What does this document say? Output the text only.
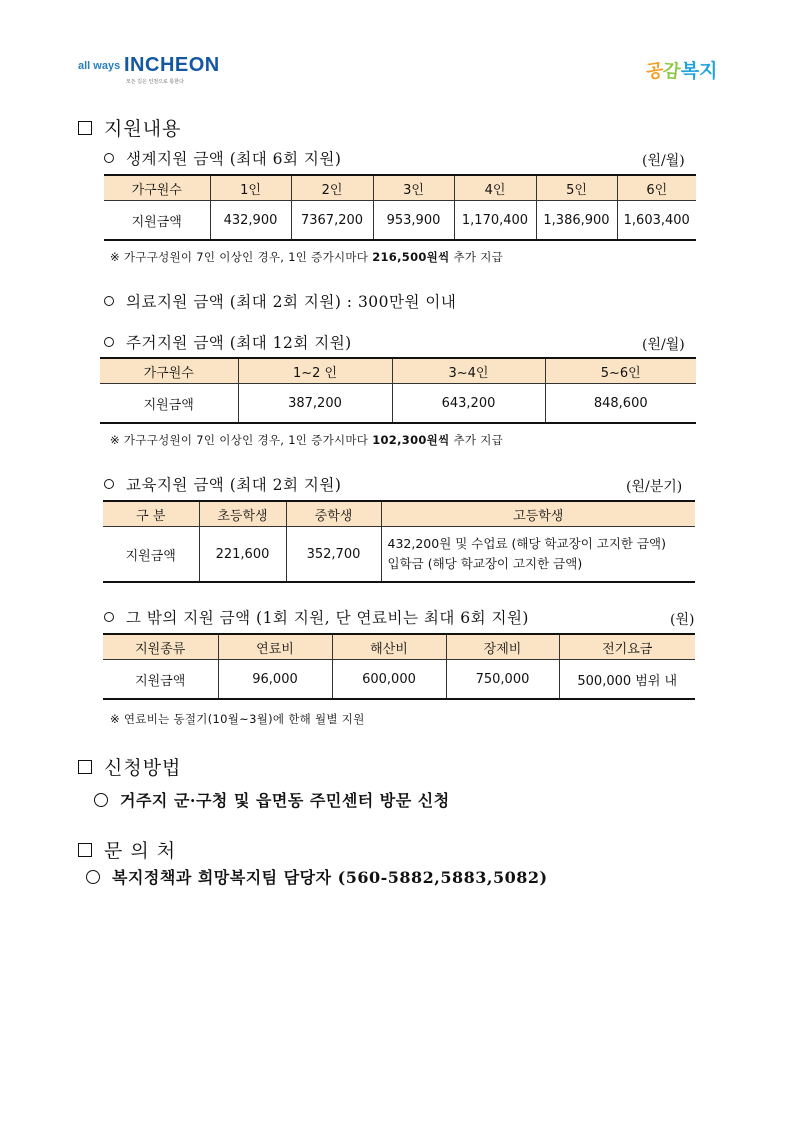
all ways INCHEON
모든 길은 인천으로 통한다	공감복지
지원내용
생계지원 금액 (최대 6회 지원)	(원/월)
가구원수	1인	2인	3인	4인	5인	6인
지원금액	432,900	7367,200	953,900	1,170,400	1,386,900	1,603,400
※ 가구구성원이 7인 이상인 경우, 1인 증가시마다 216,500원씩 추가 지급
의료지원 금액 (최대 2회 지원) : 300만원 이내
주거지원 금액 (최대 12회 지원)	(원/월)
가구원수	1~2 인	3~4인	5~6인
지원금액	387,200	643,200	848,600
※ 가구구성원이 7인 이상인 경우, 1인 증가시마다 102,300원씩 추가 지급
교육지원 금액 (최대 2회 지원)	(원/분기)
구 분	초등학생	중학생	고등학생
지원금액	221,600	352,700	432,200원 및 수업료 (해당 학교장이 고지한 금액)
입학금 (해당 학교장이 고지한 금액)
그 밖의 지원 금액 (1회 지원, 단 연료비는 최대 6회 지원)	(원)
지원종류	연료비	해산비	장제비	전기요금
지원금액	96,000	600,000	750,000	500,000 범위 내
※ 연료비는 동절기(10월~3월)에 한해 월별 지원
신청방법
거주지 군·구청 및 읍면동 주민센터 방문 신청
문 의 처
복지정책과 희망복지팀 담당자 (560-5882,5883,5082)
